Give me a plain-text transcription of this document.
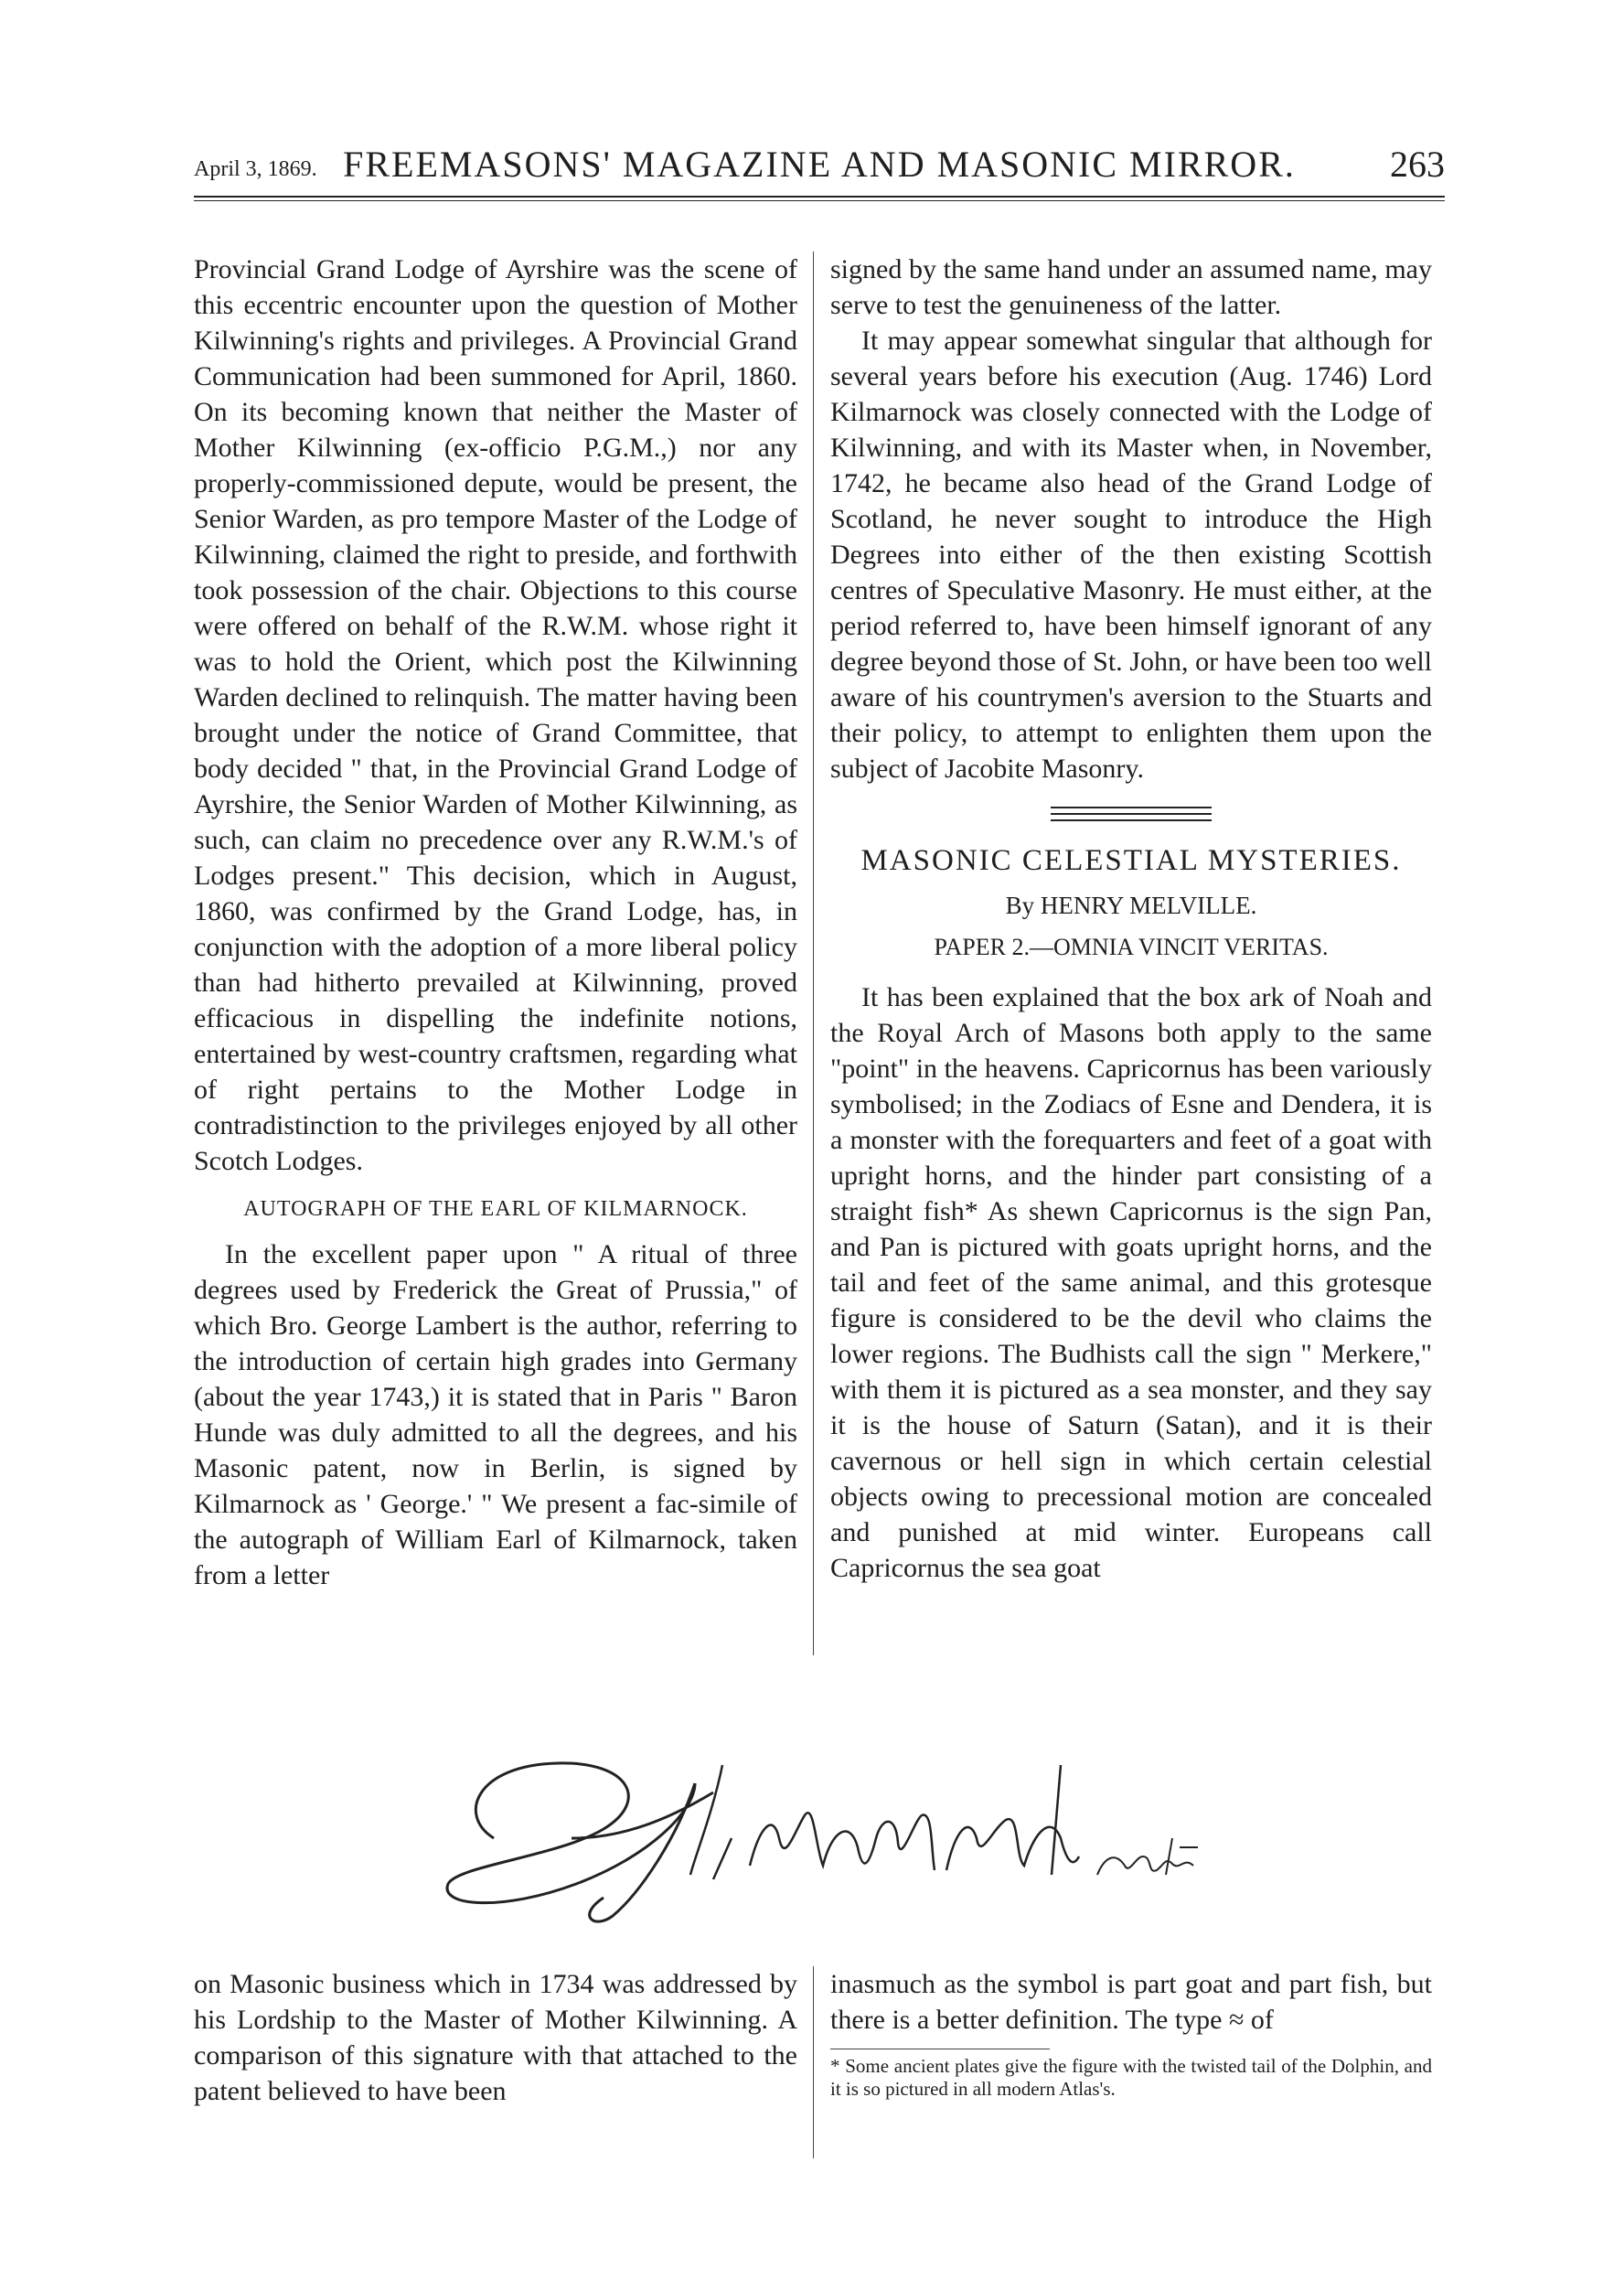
April 3, 1869. FREEMASONS' MAGAZINE AND MASONIC MIRROR.	263

Provincial Grand Lodge of Ayrshire was the scene of this eccentric encounter upon the question of Mother Kilwinning's rights and privileges. A Provincial Grand Communication had been summoned for April, 1860. On its becoming known that neither the Master of Mother Kilwinning (ex-officio P.G.M.,) nor any properly-commissioned depute, would be present, the Senior Warden, as pro tempore Master of the Lodge of Kilwinning, claimed the right to preside, and forthwith took possession of the chair. Objections to this course were offered on behalf of the R.W.M. whose right it was to hold the Orient, which post the Kilwinning Warden declined to relinquish. The matter having been brought under the notice of Grand Committee, that body decided " that, in the Provincial Grand Lodge of Ayrshire, the Senior Warden of Mother Kilwinning, as such, can claim no precedence over any R.W.M.'s of Lodges present." This decision, which in August, 1860, was confirmed by the Grand Lodge, has, in conjunction with the adoption of a more liberal policy than had hitherto prevailed at Kilwinning, proved efficacious in dispelling the indefinite notions, entertained by west-country craftsmen, regarding what of right pertains to the Mother Lodge in contradistinction to the privileges enjoyed by all other Scotch Lodges.

AUTOGRAPH OF THE EARL OF KILMARNOCK.

In the excellent paper upon " A ritual of three degrees used by Frederick the Great of Prussia," of which Bro. George Lambert is the author, referring to the introduction of certain high grades into Germany (about the year 1743,) it is stated that in Paris " Baron Hunde was duly admitted to all the degrees, and his Masonic patent, now in Berlin, is signed by Kilmarnock as ' George.' " We present a fac-simile of the autograph of William Earl of Kilmarnock, taken from a letter

signed by the same hand under an assumed name, may serve to test the genuineness of the latter.

It may appear somewhat singular that although for several years before his execution (Aug. 1746) Lord Kilmarnock was closely connected with the Lodge of Kilwinning, and with its Master when, in November, 1742, he became also head of the Grand Lodge of Scotland, he never sought to introduce the High Degrees into either of the then existing Scottish centres of Speculative Masonry. He must either, at the period referred to, have been himself ignorant of any degree beyond those of St. John, or have been too well aware of his countrymen's aversion to the Stuarts and their policy, to attempt to enlighten them upon the subject of Jacobite Masonry.

MASONIC CELESTIAL MYSTERIES.
By HENRY MELVILLE.
PAPER 2.—OMNIA VINCIT VERITAS.

It has been explained that the box ark of Noah and the Royal Arch of Masons both apply to the same "point" in the heavens. Capricornus has been variously symbolised; in the Zodiacs of Esne and Dendera, it is a monster with the forequarters and feet of a goat with upright horns, and the hinder part consisting of a straight fish* As shewn Capricornus is the sign Pan, and Pan is pictured with goats upright horns, and the tail and feet of the same animal, and this grotesque figure is considered to be the devil who claims the lower regions. The Budhists call the sign " Merkere," with them it is pictured as a sea monster, and they say it is the house of Saturn (Satan), and it is their cavernous or hell sign in which certain celestial objects owing to precessional motion are concealed and punished at mid winter. Europeans call Capricornus the sea goat

on Masonic business which in 1734 was addressed by his Lordship to the Master of Mother Kilwinning. A comparison of this signature with that attached to the patent believed to have been

inasmuch as the symbol is part goat and part fish, but there is a better definition. The type ≈ of

* Some ancient plates give the figure with the twisted tail of the Dolphin, and it is so pictured in all modern Atlas's.
